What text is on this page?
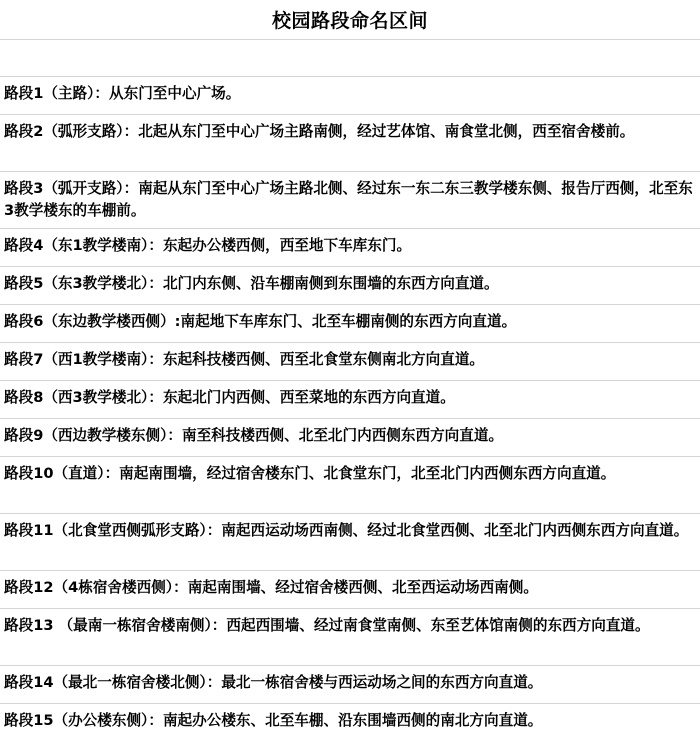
校园路段命名区间
路段1（主路）：从东门至中心广场。
路段2（弧形支路）：北起从东门至中心广场主路南侧，经过艺体馆、南食堂北侧，西至宿舍楼前。
路段3（弧开支路）：南起从东门至中心广场主路北侧、经过东一东二东三教学楼东侧、报告厅西侧，北至东3教学楼东的车棚前。
路段4（东1教学楼南）：东起办公楼西侧，西至地下车库东门。
路段5（东3教学楼北）：北门内东侧、沿车棚南侧到东围墙的东西方向直道。
路段6（东边教学楼西侧）:南起地下车库东门、北至车棚南侧的东西方向直道。
路段7（西1教学楼南）：东起科技楼西侧、西至北食堂东侧南北方向直道。
路段8（西3教学楼北）：东起北门内西侧、西至菜地的东西方向直道。
路段9（西边教学楼东侧）：南至科技楼西侧、北至北门内西侧东西方向直道。
路段10（直道）：南起南围墙，经过宿舍楼东门、北食堂东门，北至北门内西侧东西方向直道。
路段11（北食堂西侧弧形支路）：南起西运动场西南侧、经过北食堂西侧、北至北门内西侧东西方向直道。
路段12（4栋宿舍楼西侧）：南起南围墙、经过宿舍楼西侧、北至西运动场西南侧。
路段13 （最南一栋宿舍楼南侧）：西起西围墙、经过南食堂南侧、东至艺体馆南侧的东西方向直道。
路段14（最北一栋宿舍楼北侧）：最北一栋宿舍楼与西运动场之间的东西方向直道。
路段15（办公楼东侧）：南起办公楼东、北至车棚、沿东围墙西侧的南北方向直道。
